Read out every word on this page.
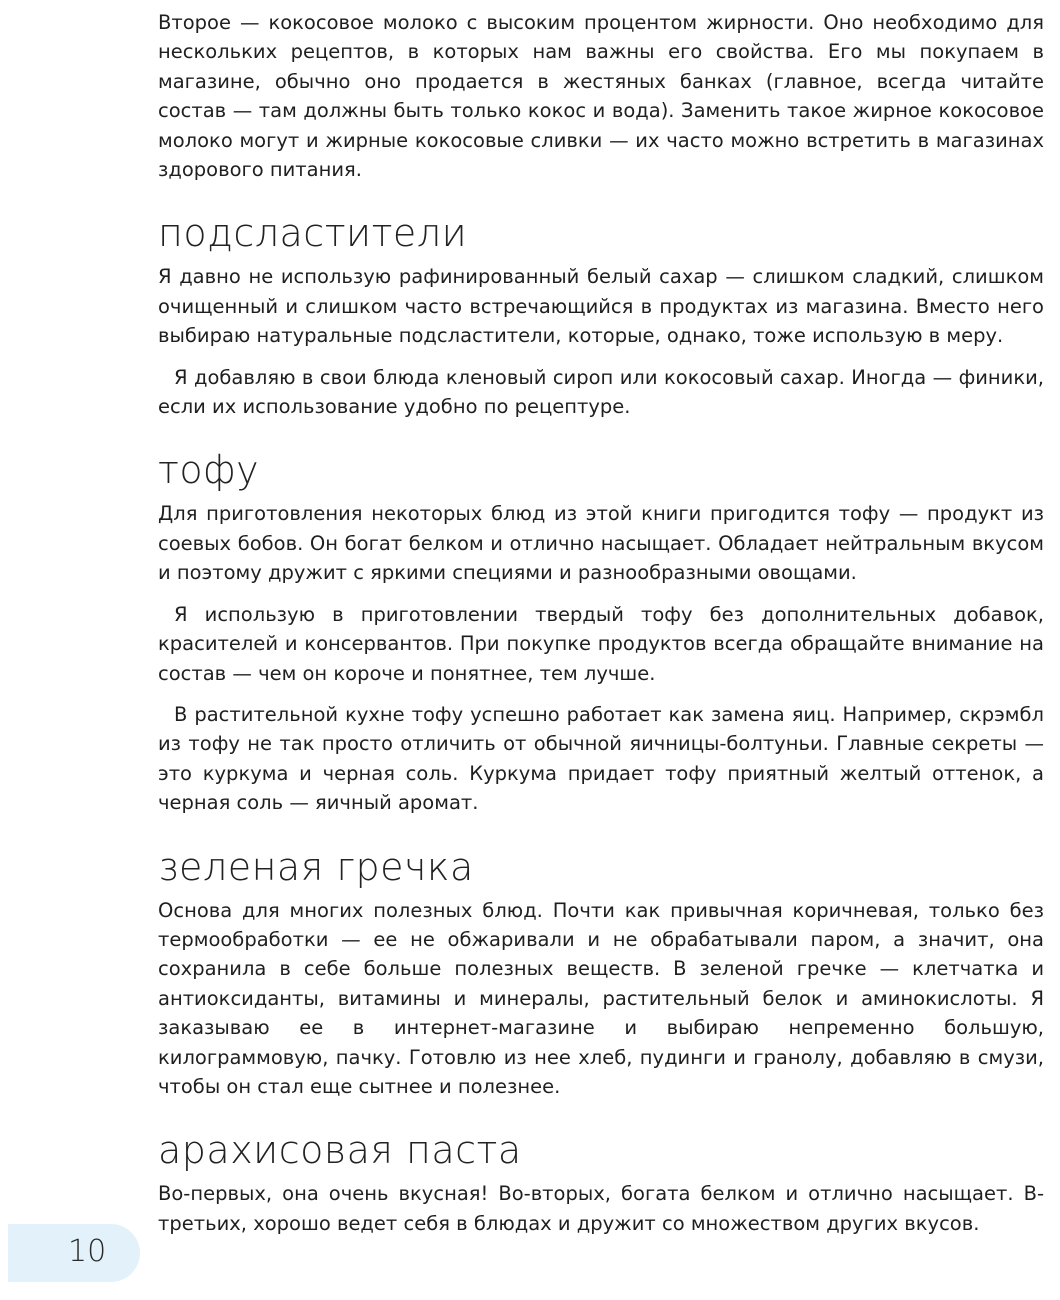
Второе — кокосовое молоко с высоким процентом жирности. Оно необходимо для нескольких рецептов, в которых нам важны его свойства. Его мы покупаем в магазине, обычно оно продается в жестяных банках (главное, всегда читайте состав — там должны быть только кокос и вода). Заменить такое жирное кокосовое молоко могут и жирные кокосовые сливки — их часто можно встретить в магазинах здорового питания.

подсластители

Я давно не использую рафинированный белый сахар — слишком сладкий, слишком очищенный и слишком часто встречающийся в продуктах из магазина. Вместо него выбираю натуральные подсластители, которые, однако, тоже использую в меру.

Я добавляю в свои блюда кленовый сироп или кокосовый сахар. Иногда — финики, если их использование удобно по рецептуре.

тофу

Для приготовления некоторых блюд из этой книги пригодится тофу — продукт из соевых бобов. Он богат белком и отлично насыщает. Обладает нейтральным вкусом и поэтому дружит с яркими специями и разнообразными овощами.

Я использую в приготовлении твердый тофу без дополнительных добавок, красителей и консервантов. При покупке продуктов всегда обращайте внимание на состав — чем он короче и понятнее, тем лучше.

В растительной кухне тофу успешно работает как замена яиц. Например, скрэмбл из тофу не так просто отличить от обычной яичницы-болтуньи. Главные секреты — это куркума и черная соль. Куркума придает тофу приятный желтый оттенок, а черная соль — яичный аромат.

зеленая гречка

Основа для многих полезных блюд. Почти как привычная коричневая, только без термообработки — ее не обжаривали и не обрабатывали паром, а значит, она сохранила в себе больше полезных веществ. В зеленой гречке — клетчатка и антиоксиданты, витамины и минералы, растительный белок и аминокислоты. Я заказываю ее в интернет-магазине и выбираю непременно большую, килограммовую, пачку. Готовлю из нее хлеб, пудинги и гранолу, добавляю в смузи, чтобы он стал еще сытнее и полезнее.

арахисовая паста

Во-первых, она очень вкусная! Во-вторых, богата белком и отлично насыщает. В-третьих, хорошо ведет себя в блюдах и дружит со множеством других вкусов.

10
